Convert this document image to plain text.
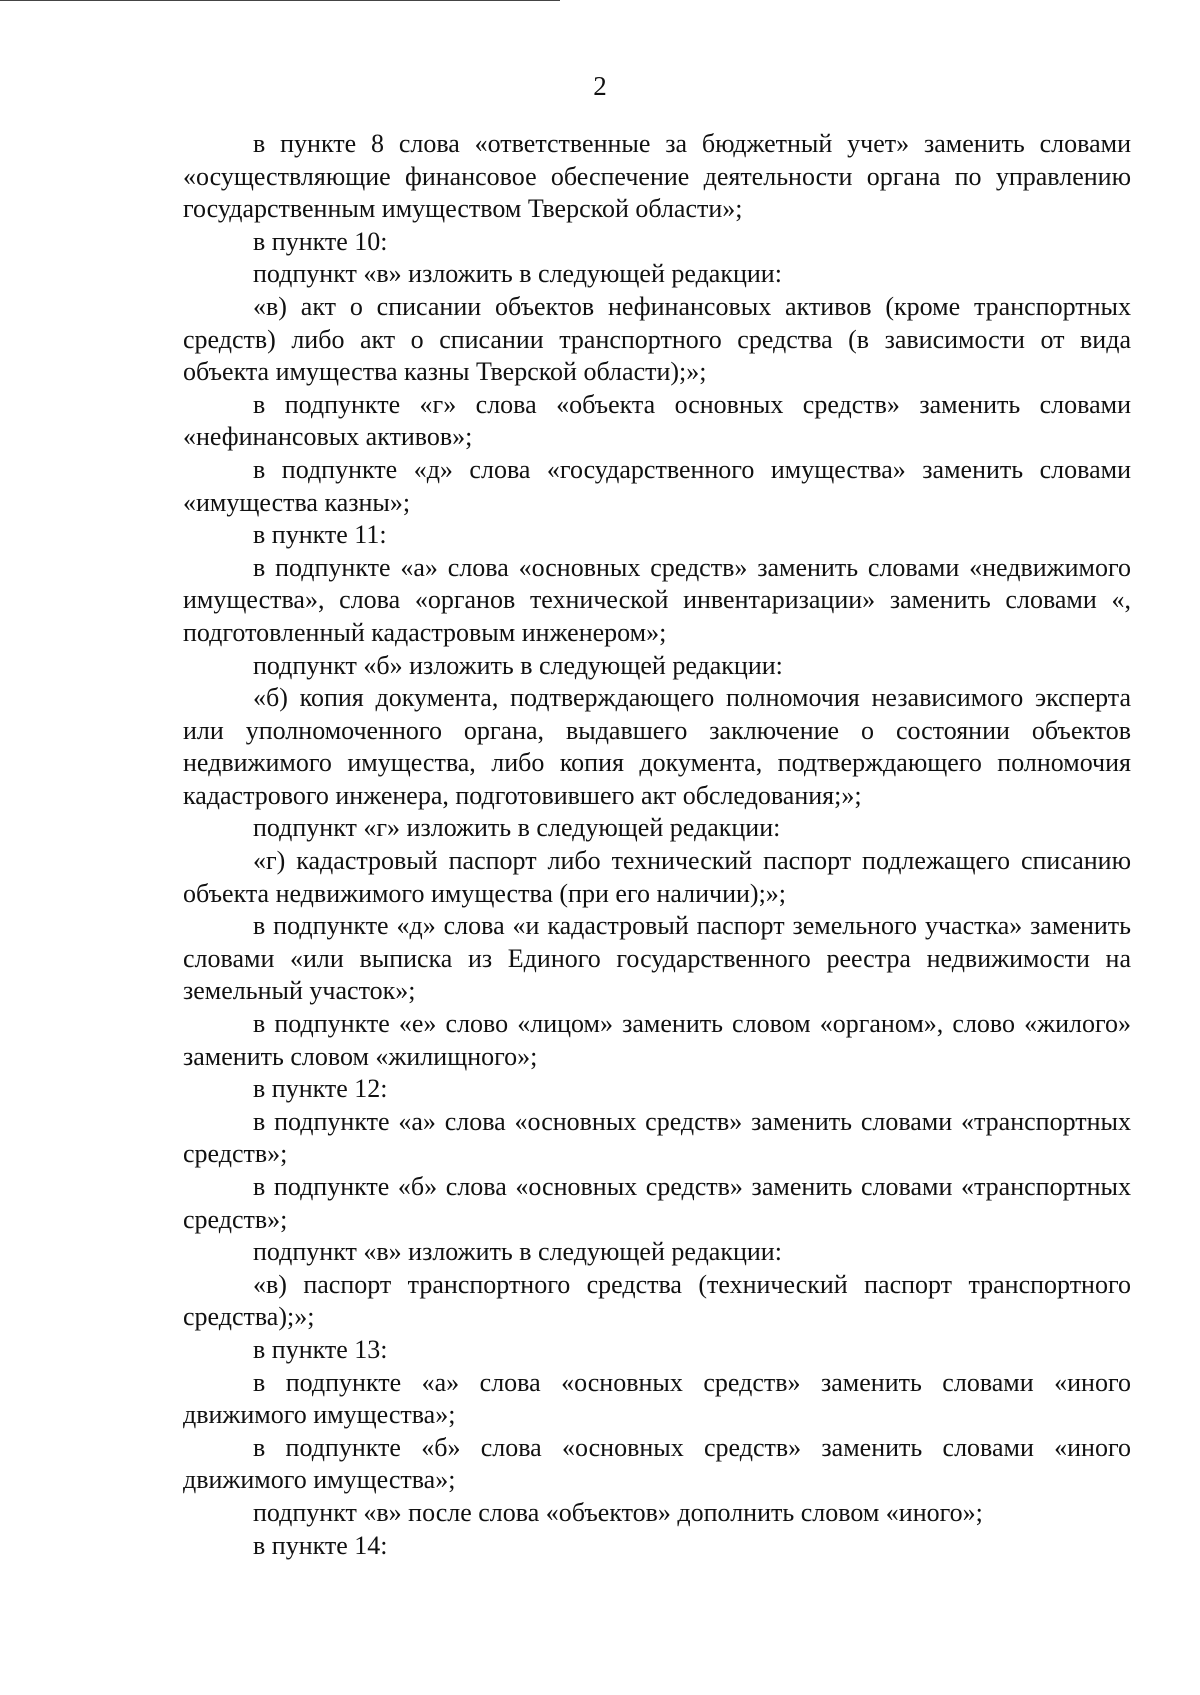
2

в пункте 8 слова «ответственные за бюджетный учет» заменить словами «осуществляющие финансовое обеспечение деятельности органа по управлению государственным имуществом Тверской области»;

в пункте 10:

подпункт «в» изложить в следующей редакции:

«в) акт о списании объектов нефинансовых активов (кроме транспортных средств) либо акт о списании транспортного средства (в зависимости от вида объекта имущества казны Тверской области);»;

в подпункте «г» слова «объекта основных средств» заменить словами «нефинансовых активов»;

в подпункте «д» слова «государственного имущества» заменить словами «имущества казны»;

в пункте 11:

в подпункте «а» слова «основных средств» заменить словами «недвижимого имущества», слова «органов технической инвентаризации» заменить словами «, подготовленный кадастровым инженером»;

подпункт «б» изложить в следующей редакции:

«б) копия документа, подтверждающего полномочия независимого эксперта или уполномоченного органа, выдавшего заключение о состоянии объектов недвижимого имущества, либо копия документа, подтверждающего полномочия кадастрового инженера, подготовившего акт обследования;»;

подпункт «г» изложить в следующей редакции:

«г) кадастровый паспорт либо технический паспорт подлежащего списанию объекта недвижимого имущества (при его наличии);»;

в подпункте «д» слова «и кадастровый паспорт земельного участка» заменить словами «или выписка из Единого государственного реестра недвижимости на земельный участок»;

в подпункте «е» слово «лицом» заменить словом «органом», слово «жилого» заменить словом «жилищного»;

в пункте 12:

в подпункте «а» слова «основных средств» заменить словами «транспортных средств»;

в подпункте «б» слова «основных средств» заменить словами «транспортных средств»;

подпункт «в» изложить в следующей редакции:

«в) паспорт транспортного средства (технический паспорт транспортного средства);»;

в пункте 13:

в подпункте «а» слова «основных средств» заменить словами «иного движимого имущества»;

в подпункте «б» слова «основных средств» заменить словами «иного движимого имущества»;

подпункт «в» после слова «объектов» дополнить словом «иного»;

в пункте 14:
